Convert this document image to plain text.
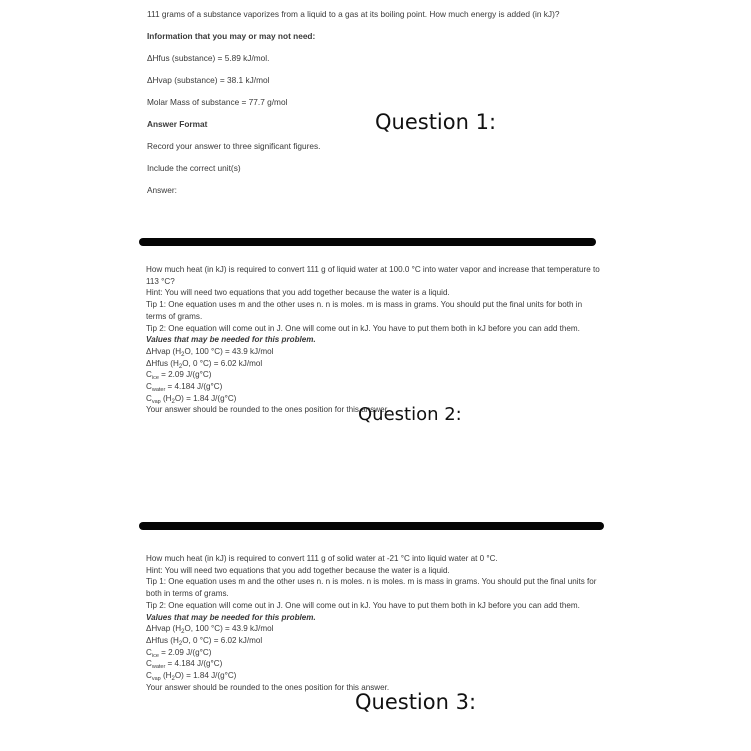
111 grams of a substance vaporizes from a liquid to a gas at its boiling point. How much energy is added (in kJ)?

Information that you may or may not need:

ΔHfus (substance) = 5.89 kJ/mol.

ΔHvap (substance) = 38.1 kJ/mol

Molar Mass of substance = 77.7 g/mol

Answer Format

Record your answer to three significant figures.

Include the correct unit(s)

Answer:

Question 1:

How much heat (in kJ) is required to convert 111 g of liquid water at 100.0 °C into water vapor and increase that temperature to 113 °C?

Hint: You will need two equations that you add together because the water is a liquid.

Tip 1: One equation uses m and the other uses n. n is moles. m is mass in grams. You should put the final units for both in terms of grams.

Tip 2: One equation will come out in J. One will come out in kJ. You have to put them both in kJ before you can add them.

Values that may be needed for this problem.

ΔHvap ($H_2O$, 100 °C) = 43.9 kJ/mol

ΔHfus ($H_2O$, 0 °C) = 6.02 kJ/mol

$C_{ice} = 2.09$ J/(g°C)

$C_{water} = 4.184$ J/(g°C)

$C_{vap}$ $(H_2O) = 1.84$ J/(g°C)

Your answer should be rounded to the ones position for this answer.

Question 2:

How much heat (in kJ) is required to convert 111 g of solid water at -21 °C into liquid water at 0 °C.

Hint: You will need two equations that you add together because the water is a liquid.

Tip 1: One equation uses m and the other uses n. n is moles. n is moles. m is mass in grams. You should put the final units for both in terms of grams.

Tip 2: One equation will come out in J. One will come out in kJ. You have to put them both in kJ before you can add them.

Values that may be needed for this problem.

ΔHvap ($H_2O$, 100 °C) = 43.9 kJ/mol

ΔHfus ($H_2O$, 0 °C) = 6.02 kJ/mol

$C_{ice} = 2.09$ J/(g°C)

$C_{water} = 4.184$ J/(g°C)

$C_{vap}$ $(H_2O) = 1.84$ J/(g°C)

Your answer should be rounded to the ones position for this answer.

Question 3:
